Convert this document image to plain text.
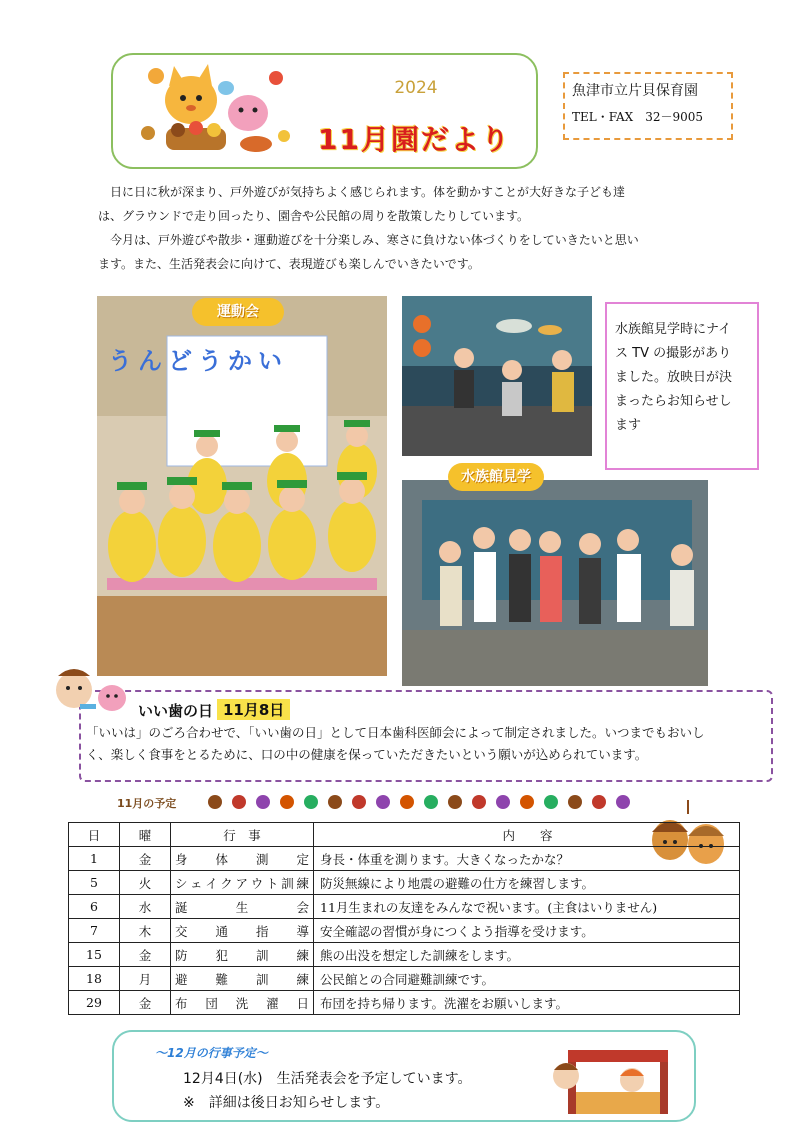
2024
11月園だより
魚津市立片貝保育園
TEL・FAX　32－9005
　日に日に秋が深まり、戸外遊びが気持ちよく感じられます。体を動かすことが大好きな子ども達
は、グラウンドで走り回ったり、園舎や公民館の周りを散策したりしています。
　今月は、戸外遊びや散歩・運動遊びを十分楽しみ、寒さに負けない体づくりをしていきたいと思い
ます。また、生活発表会に向けて、表現遊びも楽しんでいきたいです。
うんどうかい
運動会
水族館見学時にナイ
ス TV の撮影があり
ました。放映日が決
まったらお知らせし
ます
水族館見学
いい歯の日 11月8日
「いいは」のごろ合わせで、「いい歯の日」として日本歯科医師会によって制定されました。いつまでもおいし
く、楽しく食事をとるために、口の中の健康を保っていただきたいという願いが込められています。
11月の予定
日	曜	行　事	内　　容
1	金	身体測定	身長・体重を測ります。大きくなったかな？
5	火	シェイクアウト訓練	防災無線により地震の避難の仕方を練習します。
6	水	誕生会	11月生まれの友達をみんなで祝います。(主食はいりません)
7	木	交通指導	安全確認の習慣が身につくよう指導を受けます。
15	金	防犯訓練	熊の出没を想定した訓練をします。
18	月	避難訓練	公民館との合同避難訓練です。
29	金	布団洗濯日	布団を持ち帰ります。洗濯をお願いします。
～12月の行事予定～
12月4日(水)　生活発表会を予定しています。
※　詳細は後日お知らせします。
